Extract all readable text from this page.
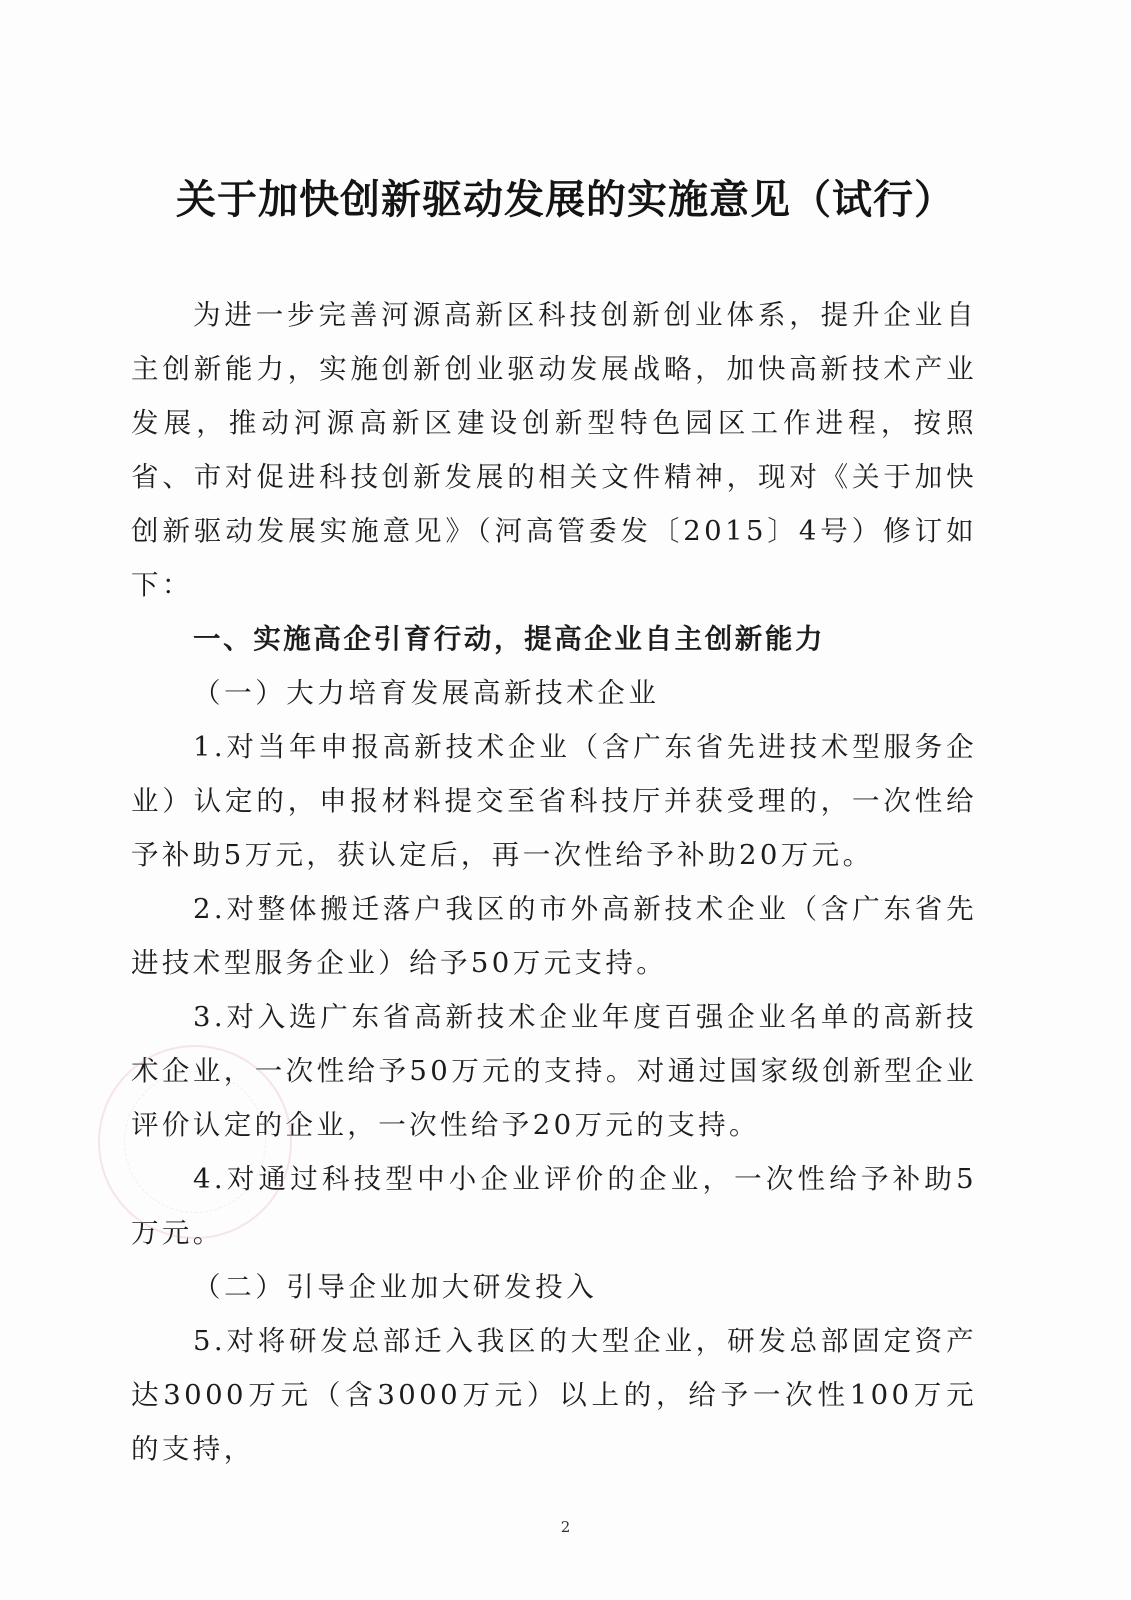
关于加快创新驱动发展的实施意见（试行）

为进一步完善河源高新区科技创新创业体系，提升企业自主创新能力，实施创新创业驱动发展战略，加快高新技术产业发展，推动河源高新区建设创新型特色园区工作进程，按照省、市对促进科技创新发展的相关文件精神，现对《关于加快创新驱动发展实施意见》（河高管委发〔2015〕4号）修订如下：

一、实施高企引育行动，提高企业自主创新能力

（一）大力培育发展高新技术企业

1.对当年申报高新技术企业（含广东省先进技术型服务企业）认定的，申报材料提交至省科技厅并获受理的，一次性给予补助5万元，获认定后，再一次性给予补助20万元。

2.对整体搬迁落户我区的市外高新技术企业（含广东省先进技术型服务企业）给予50万元支持。

3.对入选广东省高新技术企业年度百强企业名单的高新技术企业，一次性给予50万元的支持。对通过国家级创新型企业评价认定的企业，一次性给予20万元的支持。

4.对通过科技型中小企业评价的企业，一次性给予补助5万元。

（二）引导企业加大研发投入

5.对将研发总部迁入我区的大型企业，研发总部固定资产达3000万元（含3000万元）以上的，给予一次性100万元的支持，

2
